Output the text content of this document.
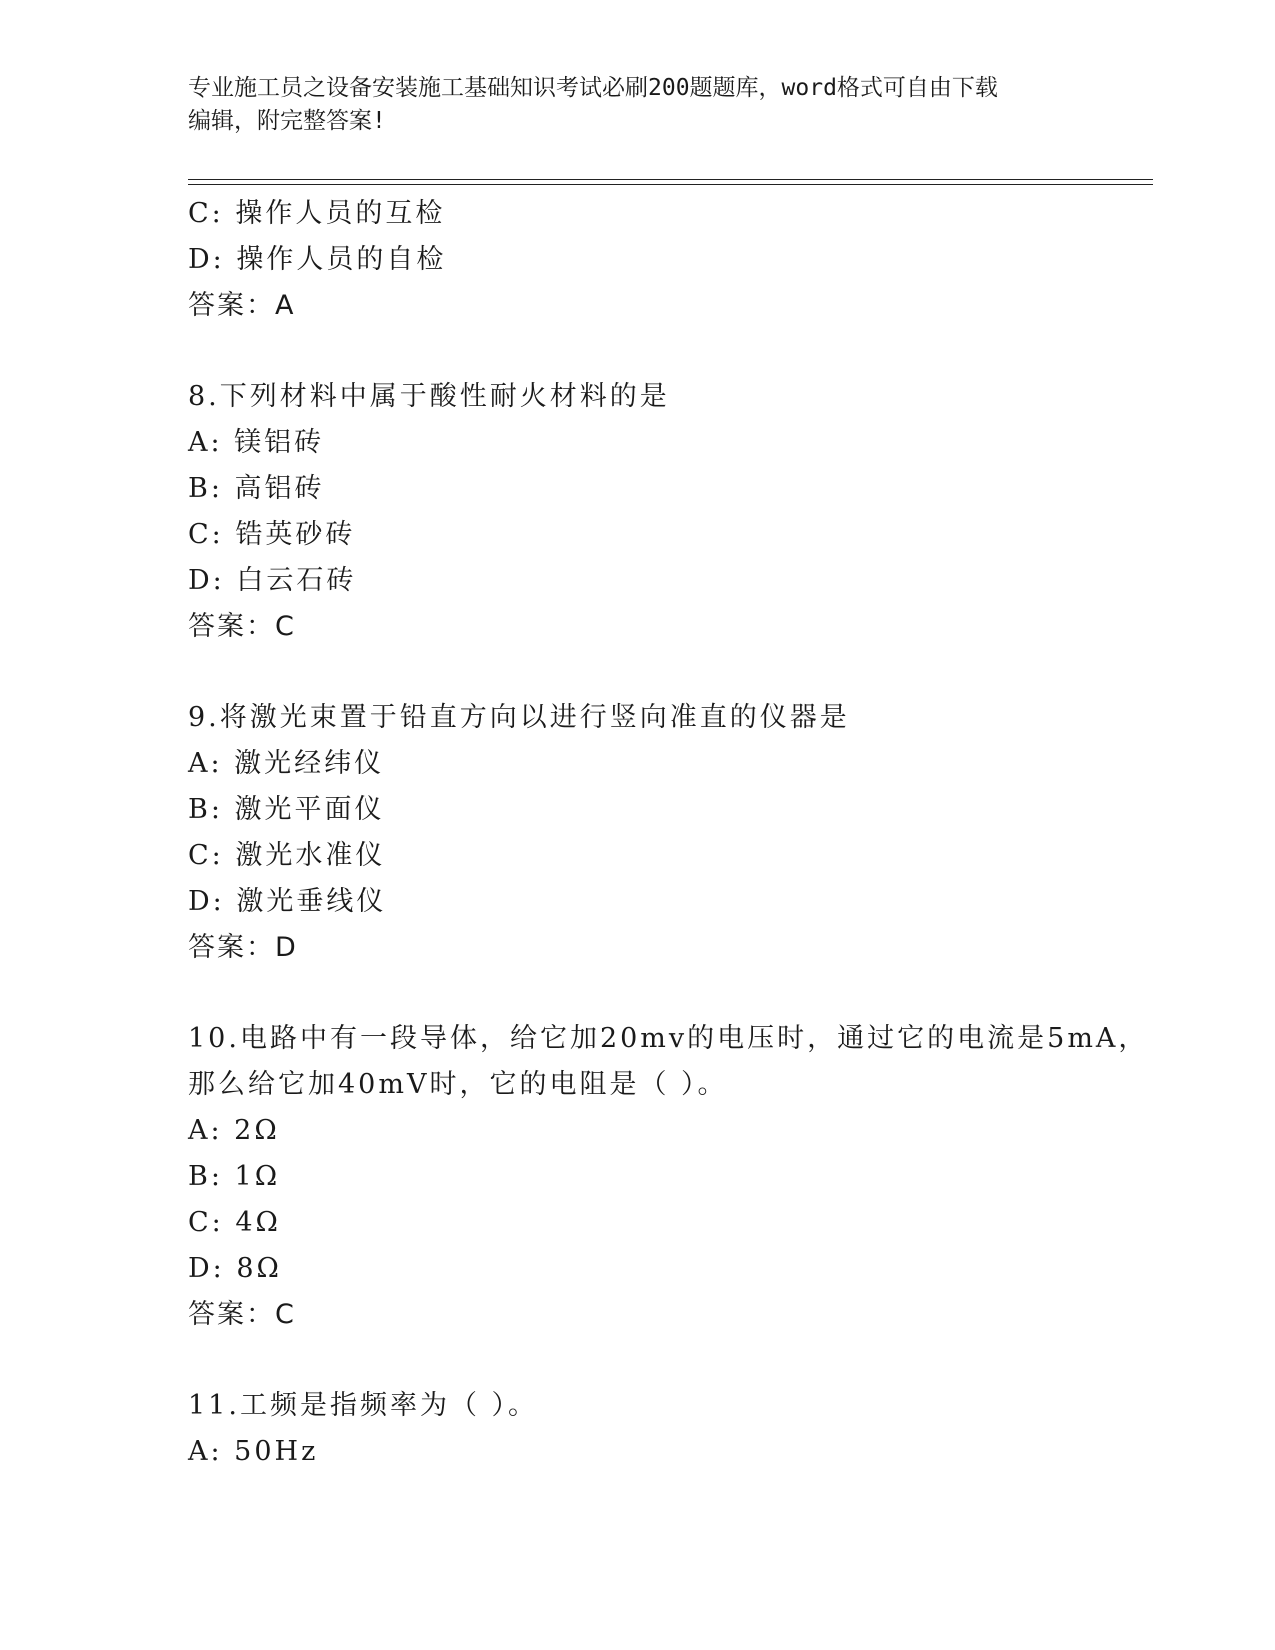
专业施工员之设备安装施工基础知识考试必刷200题题库，word格式可自由下载
编辑，附完整答案!
C: 操作人员的互检
D: 操作人员的自检
答案：A
8.下列材料中属于酸性耐火材料的是
A: 镁铝砖
B: 高铝砖
C: 锆英砂砖
D: 白云石砖
答案：C
9.将激光束置于铅直方向以进行竖向准直的仪器是
A: 激光经纬仪
B: 激光平面仪
C: 激光水准仪
D: 激光垂线仪
答案：D
10.电路中有一段导体，给它加20mv的电压时，通过它的电流是5mA，
那么给它加40mV时，它的电阻是（ ）。
A: 2Ω
B: 1Ω
C: 4Ω
D: 8Ω
答案：C
11.工频是指频率为（ ）。
A: 50Hz
